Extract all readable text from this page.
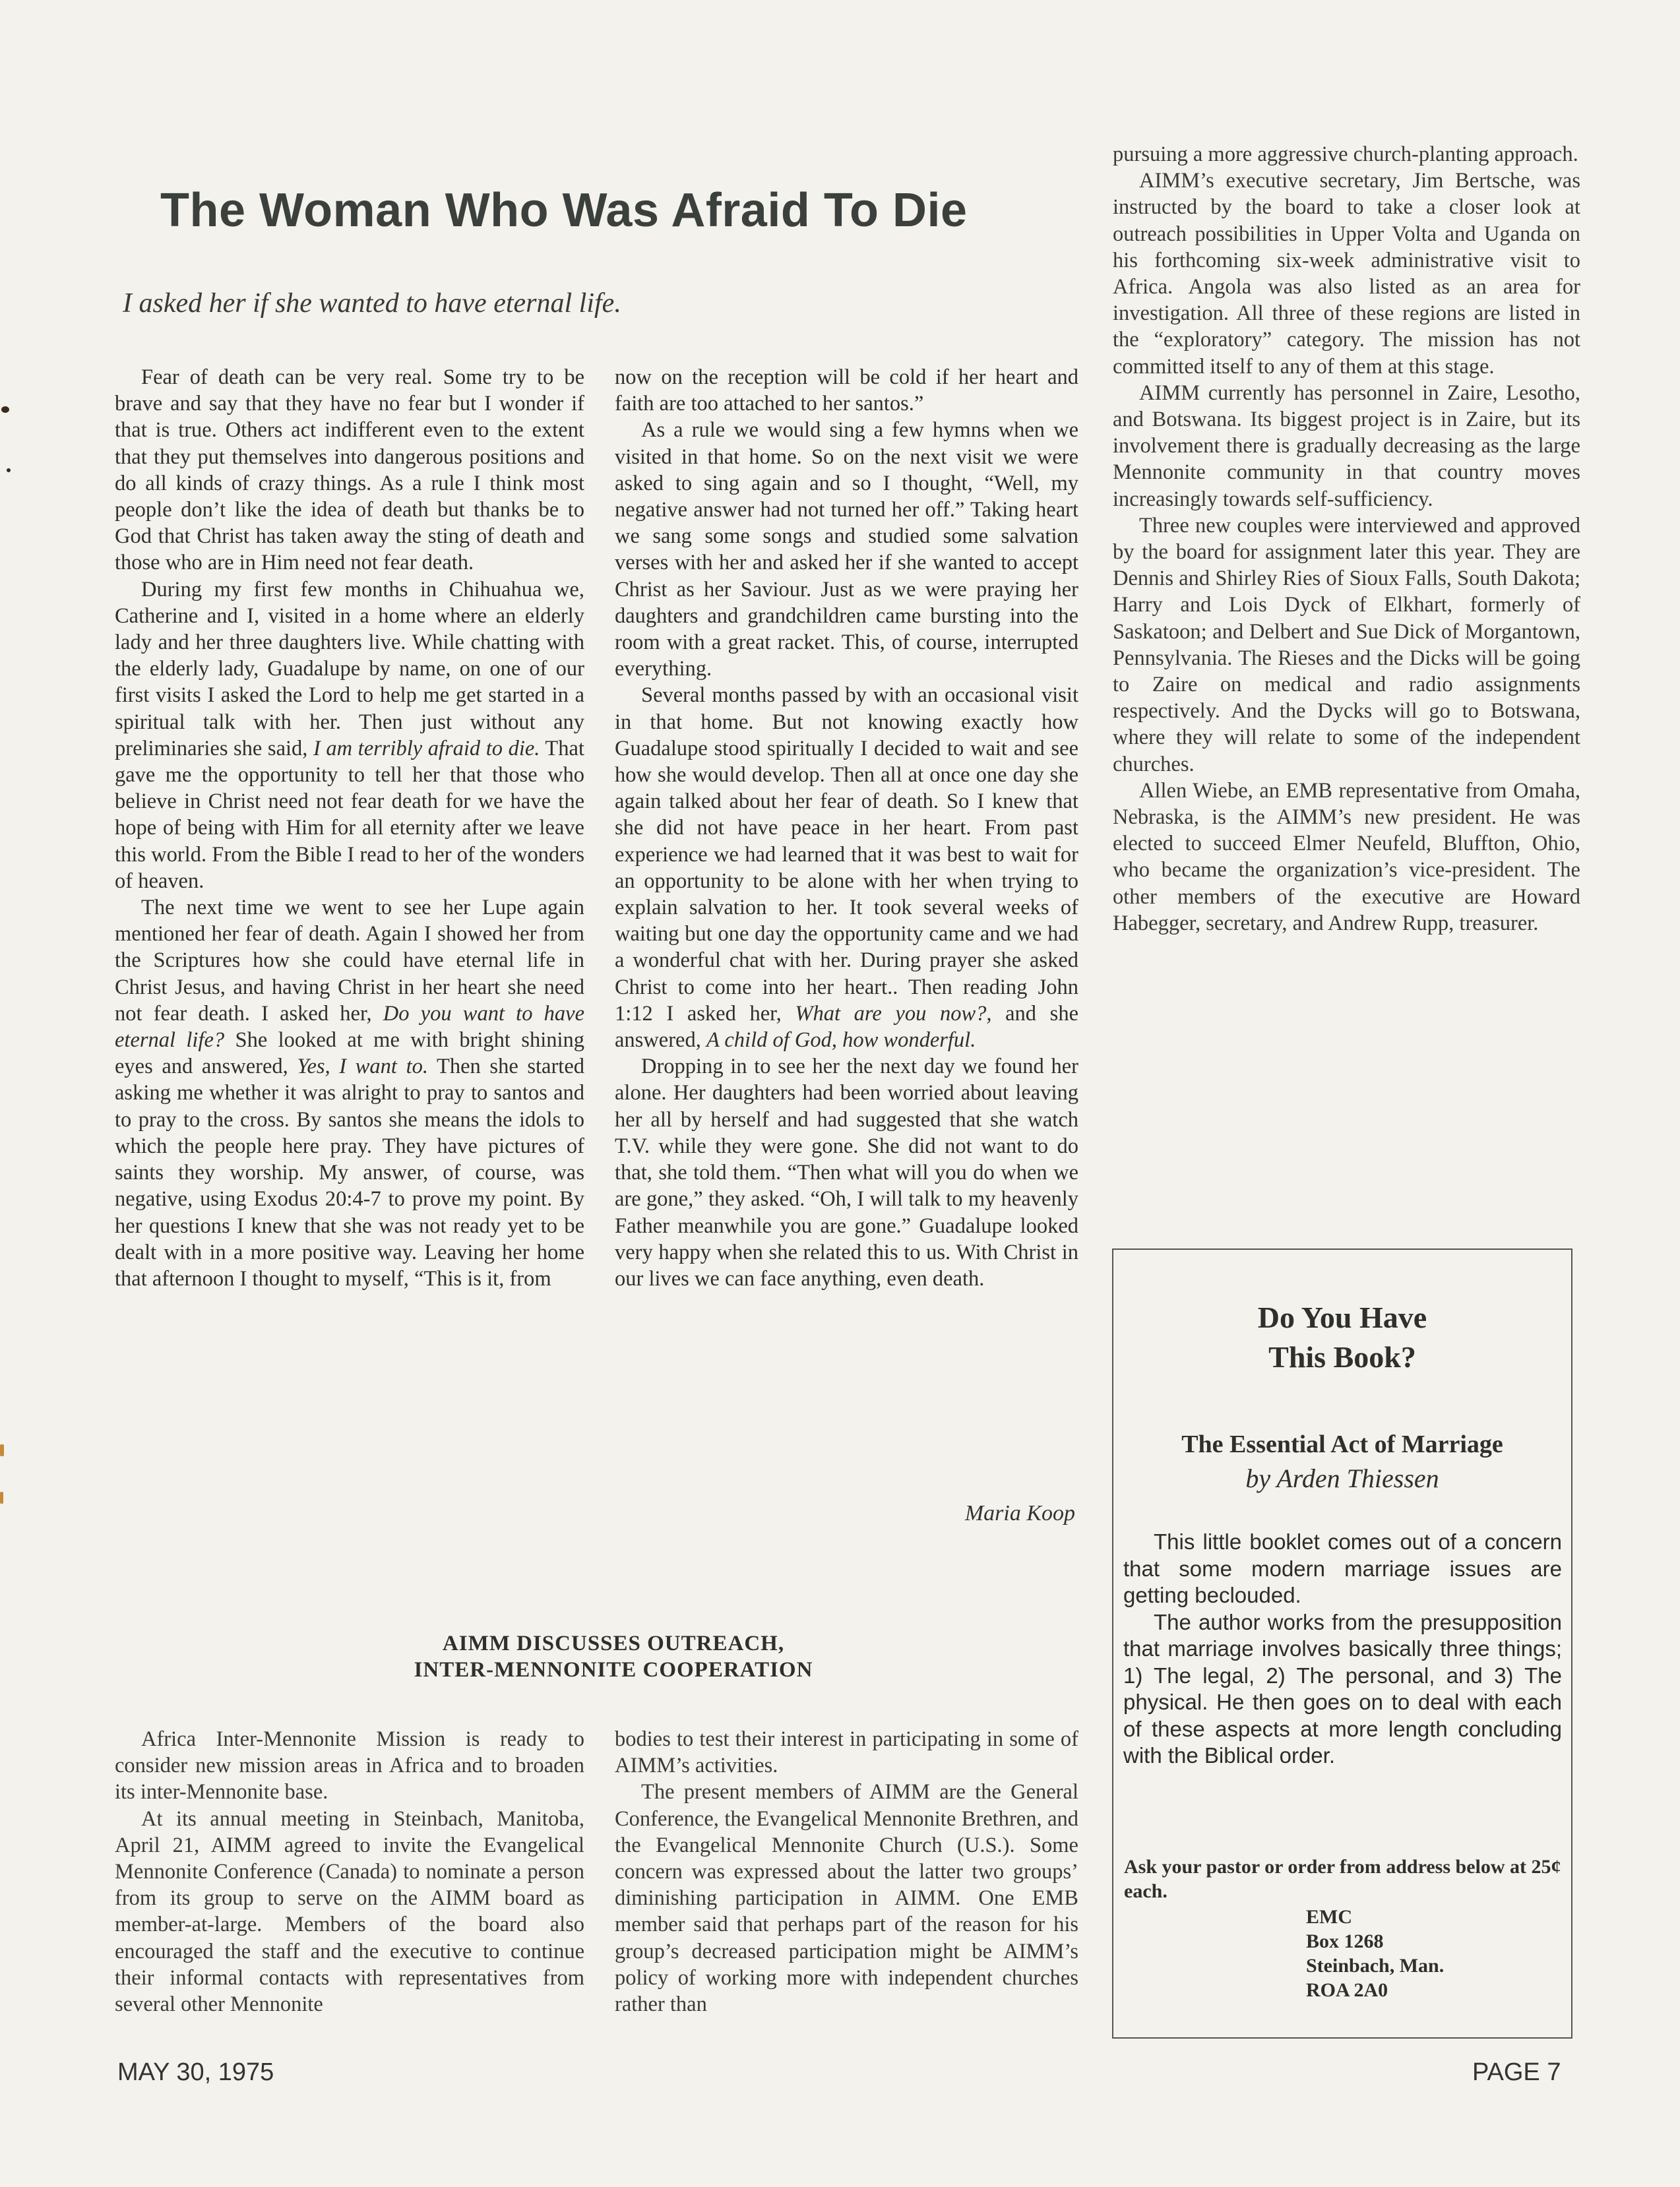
The Woman Who Was Afraid To Die
I asked her if she wanted to have eternal life.

Fear of death can be very real. Some try to be brave and say that they have no fear but I wonder if that is true. Others act indifferent even to the extent that they put themselves into dangerous positions and do all kinds of crazy things. As a rule I think most people don’t like the idea of death but thanks be to God that Christ has taken away the sting of death and those who are in Him need not fear death.

During my first few months in Chihuahua we, Catherine and I, visited in a home where an elderly lady and her three daughters live. While chatting with the elderly lady, Guadalupe by name, on one of our first visits I asked the Lord to help me get started in a spiritual talk with her. Then just without any preliminaries she said, I am terribly afraid to die. That gave me the opportunity to tell her that those who believe in Christ need not fear death for we have the hope of being with Him for all eternity after we leave this world. From the Bible I read to her of the wonders of heaven.

The next time we went to see her Lupe again mentioned her fear of death. Again I showed her from the Scriptures how she could have eternal life in Christ Jesus, and having Christ in her heart she need not fear death. I asked her, Do you want to have eternal life? She looked at me with bright shining eyes and answered, Yes, I want to. Then she started asking me whether it was alright to pray to santos and to pray to the cross. By santos she means the idols to which the people here pray. They have pictures of saints they worship. My answer, of course, was negative, using Exodus 20:4-7 to prove my point. By her questions I knew that she was not ready yet to be dealt with in a more positive way. Leaving her home that afternoon I thought to myself, “This is it, from

now on the reception will be cold if her heart and faith are too attached to her santos.”

As a rule we would sing a few hymns when we visited in that home. So on the next visit we were asked to sing again and so I thought, “Well, my negative answer had not turned her off.” Taking heart we sang some songs and studied some salvation verses with her and asked her if she wanted to accept Christ as her Saviour. Just as we were praying her daughters and grandchildren came bursting into the room with a great racket. This, of course, interrupted everything.

Several months passed by with an occasional visit in that home. But not knowing exactly how Guadalupe stood spiritually I decided to wait and see how she would develop. Then all at once one day she again talked about her fear of death. So I knew that she did not have peace in her heart. From past experience we had learned that it was best to wait for an opportunity to be alone with her when trying to explain salvation to her. It took several weeks of waiting but one day the opportunity came and we had a wonderful chat with her. During prayer she asked Christ to come into her heart.. Then reading John 1:12 I asked her, What are you now?, and she answered, A child of God, how wonderful.

Dropping in to see her the next day we found her alone. Her daughters had been worried about leaving her all by herself and had suggested that she watch T.V. while they were gone. She did not want to do that, she told them. “Then what will you do when we are gone,” they asked. “Oh, I will talk to my heavenly Father meanwhile you are gone.” Guadalupe looked very happy when she related this to us. With Christ in our lives we can face anything, even death.

Maria Koop
AIMM DISCUSSES OUTREACH,
INTER-MENNONITE COOPERATION

Africa Inter-Mennonite Mission is ready to consider new mission areas in Africa and to broaden its inter-Mennonite base.

At its annual meeting in Steinbach, Manitoba, April 21, AIMM agreed to invite the Evangelical Mennonite Conference (Canada) to nominate a person from its group to serve on the AIMM board as member-at-large. Members of the board also encouraged the staff and the executive to continue their informal contacts with representatives from several other Mennonite

bodies to test their interest in participating in some of AIMM’s activities.

The present members of AIMM are the General Conference, the Evangelical Mennonite Brethren, and the Evangelical Mennonite Church (U.S.). Some concern was expressed about the latter two groups’ diminishing participation in AIMM. One EMB member said that perhaps part of the reason for his group’s decreased participation might be AIMM’s policy of working more with independent churches rather than

pursuing a more aggressive church-planting approach.

AIMM’s executive secretary, Jim Bertsche, was instructed by the board to take a closer look at outreach possibilities in Upper Volta and Uganda on his forthcoming six-week administrative visit to Africa. Angola was also listed as an area for investigation. All three of these regions are listed in the “exploratory” category. The mission has not committed itself to any of them at this stage.

AIMM currently has personnel in Zaire, Lesotho, and Botswana. Its biggest project is in Zaire, but its involvement there is gradually decreasing as the large Mennonite community in that country moves increasingly towards self-sufficiency.

Three new couples were interviewed and approved by the board for assignment later this year. They are Dennis and Shirley Ries of Sioux Falls, South Dakota; Harry and Lois Dyck of Elkhart, formerly of Saskatoon; and Delbert and Sue Dick of Morgantown, Pennsylvania. The Rieses and the Dicks will be going to Zaire on medical and radio assignments respectively. And the Dycks will go to Botswana, where they will relate to some of the independent churches.

Allen Wiebe, an EMB representative from Omaha, Nebraska, is the AIMM’s new president. He was elected to succeed Elmer Neufeld, Bluffton, Ohio, who became the organization’s vice-president. The other members of the executive are Howard Habegger, secretary, and Andrew Rupp, treasurer.

Do You Have
This Book?
The Essential Act of Marriage
by Arden Thiessen

This little booklet comes out of a concern that some modern marriage issues are getting beclouded.

The author works from the presupposition that marriage involves basically three things; 1) The legal, 2) The personal, and 3) The physical. He then goes on to deal with each of these aspects at more length concluding with the Biblical order.

Ask your pastor or order from address below at 25¢ each.
EMC
Box 1268
Steinbach, Man.
ROA 2A0
MAY 30, 1975	PAGE 7
